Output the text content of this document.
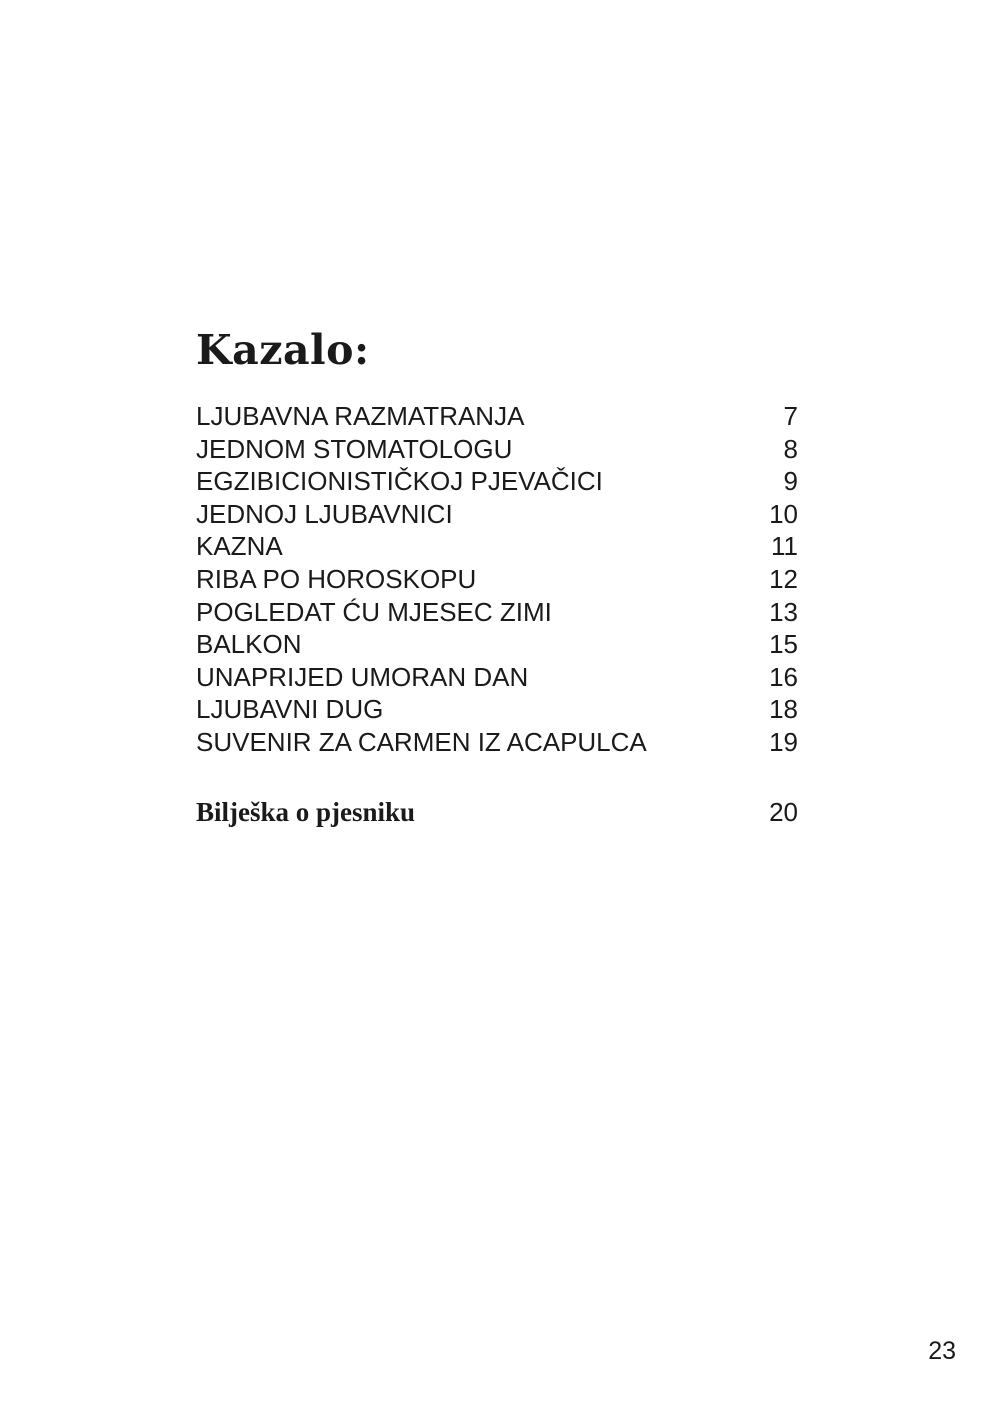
Kazalo:
LJUBAVNA RAZMATRANJA	7
JEDNOM STOMATOLOGU	8
EGZIBICIONISTIČKOJ PJEVAČICI	9
JEDNOJ LJUBAVNICI	10
KAZNA	11
RIBA PO HOROSKOPU	12
POGLEDAT ĆU MJESEC ZIMI	13
BALKON	15
UNAPRIJED UMORAN DAN	16
LJUBAVNI DUG	18
SUVENIR ZA CARMEN IZ ACAPULCA	19
Bilješka o pjesniku	20
23
